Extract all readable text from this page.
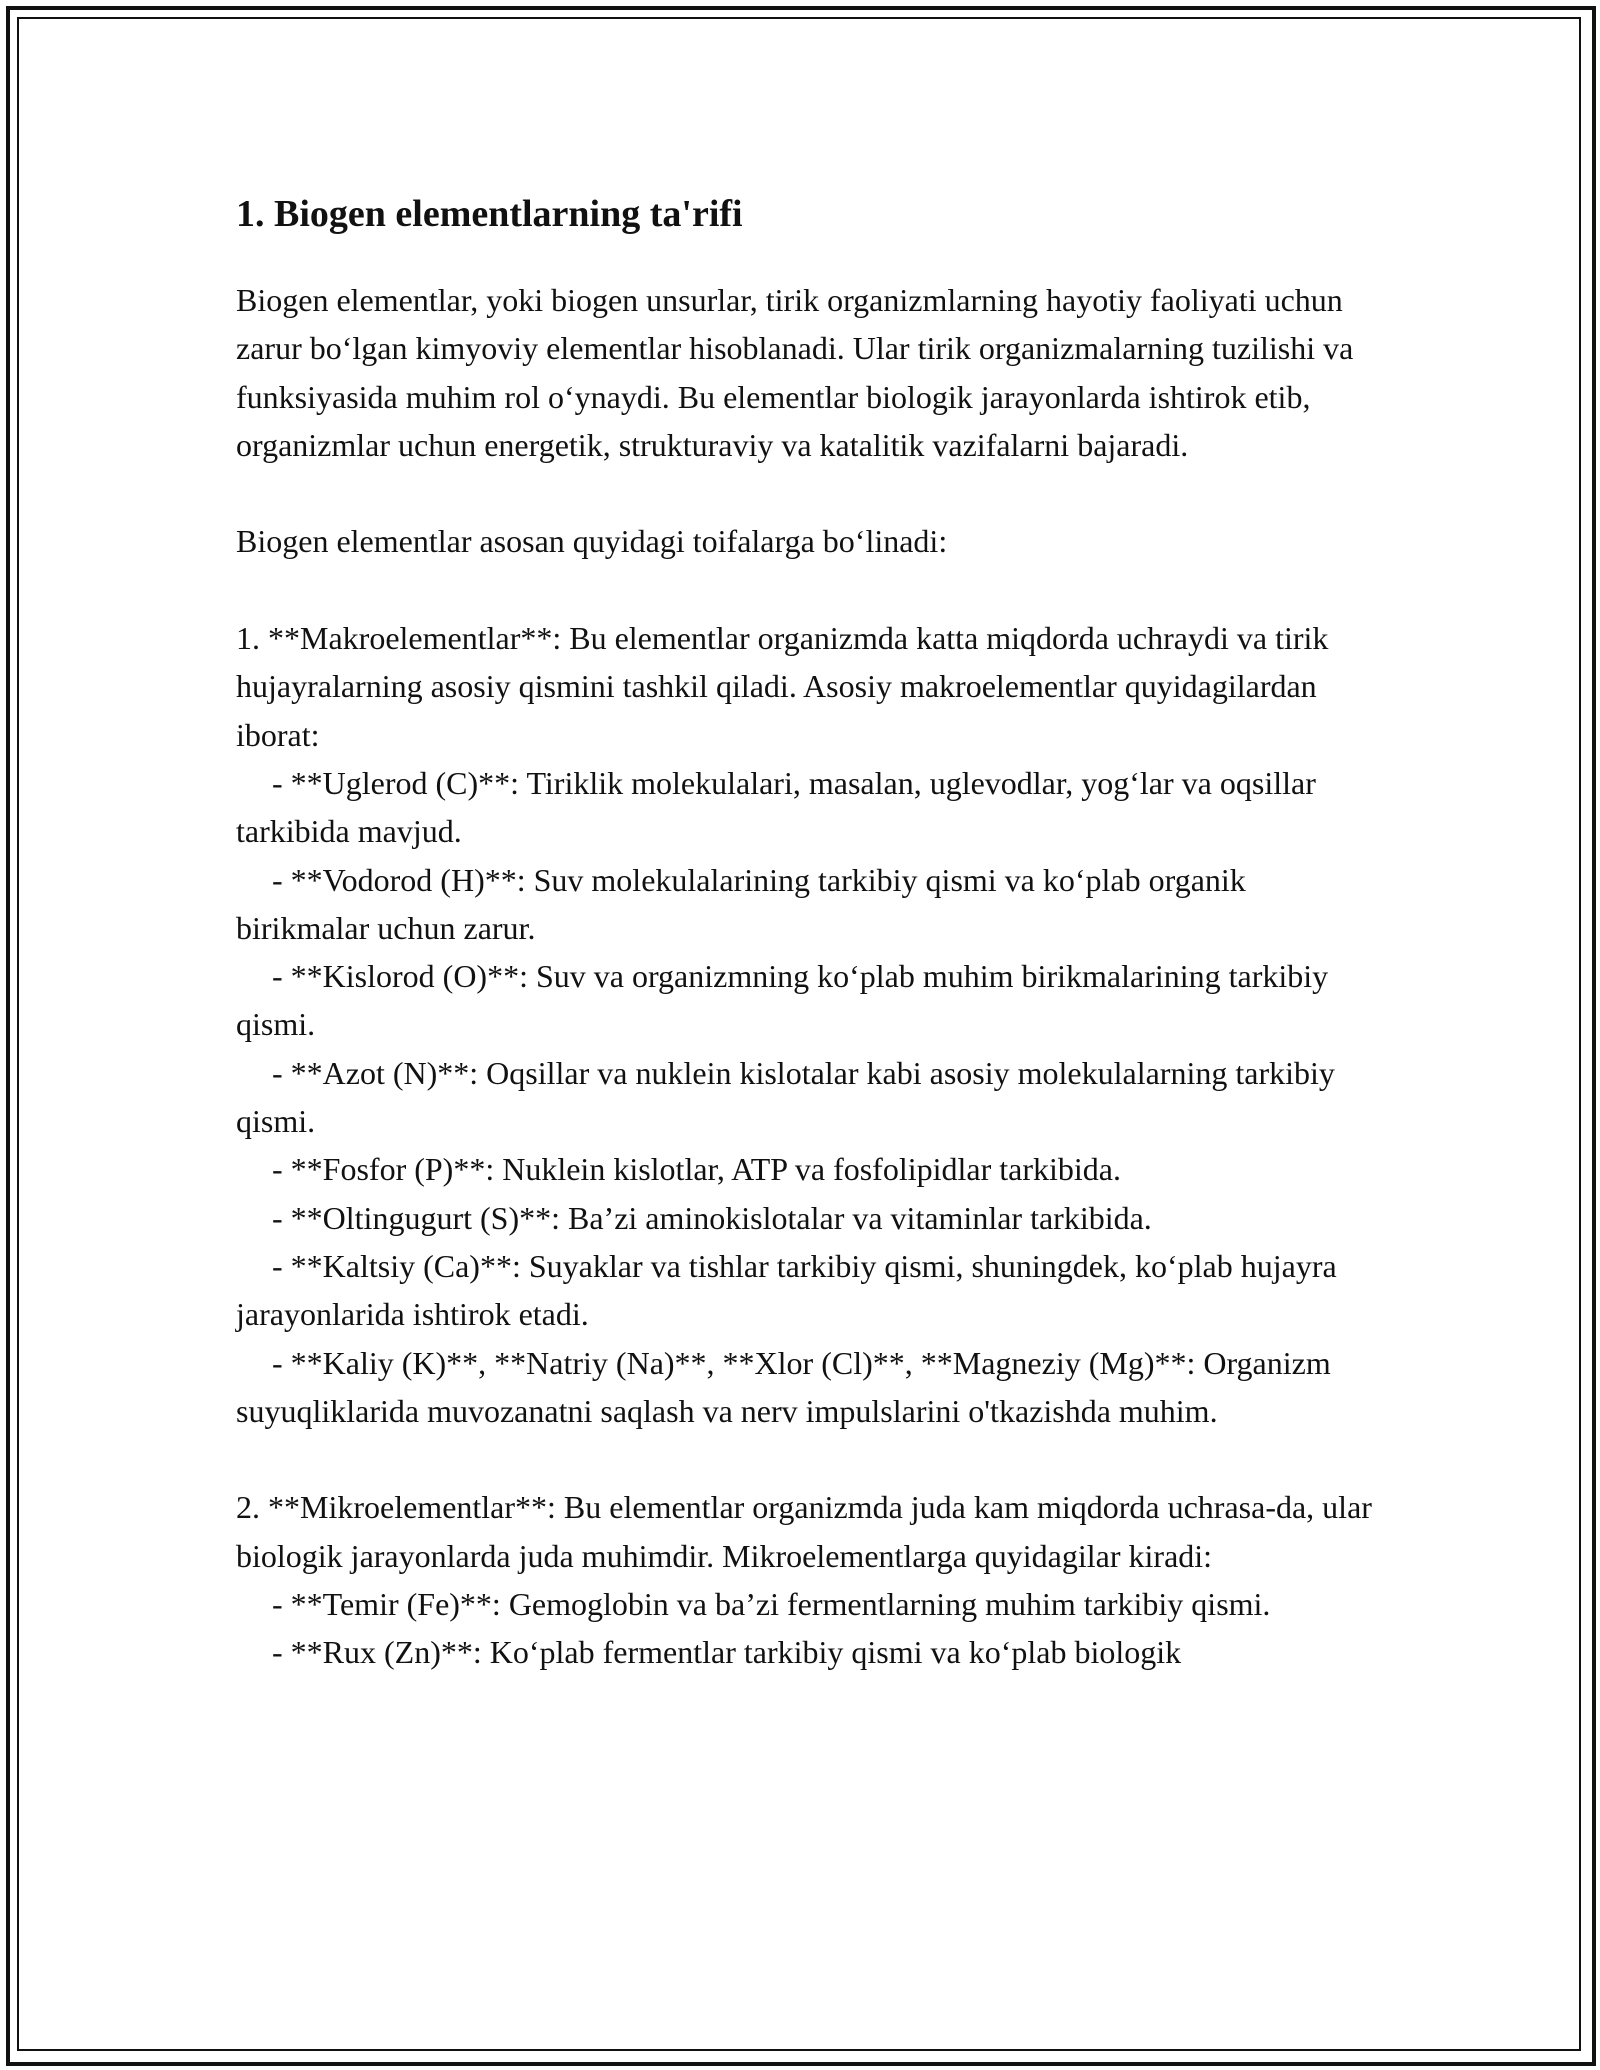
1. Biogen elementlarning ta'rifi

Biogen elementlar, yoki biogen unsurlar, tirik organizmlarning hayotiy faoliyati uchun zarur bo‘lgan kimyoviy elementlar hisoblanadi. Ular tirik organizmalarning tuzilishi va funksiyasida muhim rol o‘ynaydi. Bu elementlar biologik jarayonlarda ishtirok etib, organizmlar uchun energetik, strukturaviy va katalitik vazifalarni bajaradi.

Biogen elementlar asosan quyidagi toifalarga bo‘linadi:

1. **Makroelementlar**: Bu elementlar organizmda katta miqdorda uchraydi va tirik hujayralarning asosiy qismini tashkil qiladi. Asosiy makroelementlar quyidagilardan iborat:

- **Uglerod (C)**: Tiriklik molekulalari, masalan, uglevodlar, yog‘lar va oqsillar tarkibida mavjud.

- **Vodorod (H)**: Suv molekulalarining tarkibiy qismi va ko‘plab organik birikmalar uchun zarur.

- **Kislorod (O)**: Suv va organizmning ko‘plab muhim birikmalarining tarkibiy qismi.

- **Azot (N)**: Oqsillar va nuklein kislotalar kabi asosiy molekulalarning tarkibiy qismi.

- **Fosfor (P)**: Nuklein kislotlar, ATP va fosfolipidlar tarkibida.

- **Oltingugurt (S)**: Ba’zi aminokislotalar va vitaminlar tarkibida.

- **Kaltsiy (Ca)**: Suyaklar va tishlar tarkibiy qismi, shuningdek, ko‘plab hujayra jarayonlarida ishtirok etadi.

- **Kaliy (K)**, **Natriy (Na)**, **Xlor (Cl)**, **Magneziy (Mg)**: Organizm suyuqliklarida muvozanatni saqlash va nerv impulslarini o'tkazishda muhim.

2. **Mikroelementlar**: Bu elementlar organizmda juda kam miqdorda uchrasa-da, ular biologik jarayonlarda juda muhimdir. Mikroelementlarga quyidagilar kiradi:

- **Temir (Fe)**: Gemoglobin va ba’zi fermentlarning muhim tarkibiy qismi.

- **Rux (Zn)**: Ko‘plab fermentlar tarkibiy qismi va ko‘plab biologik
